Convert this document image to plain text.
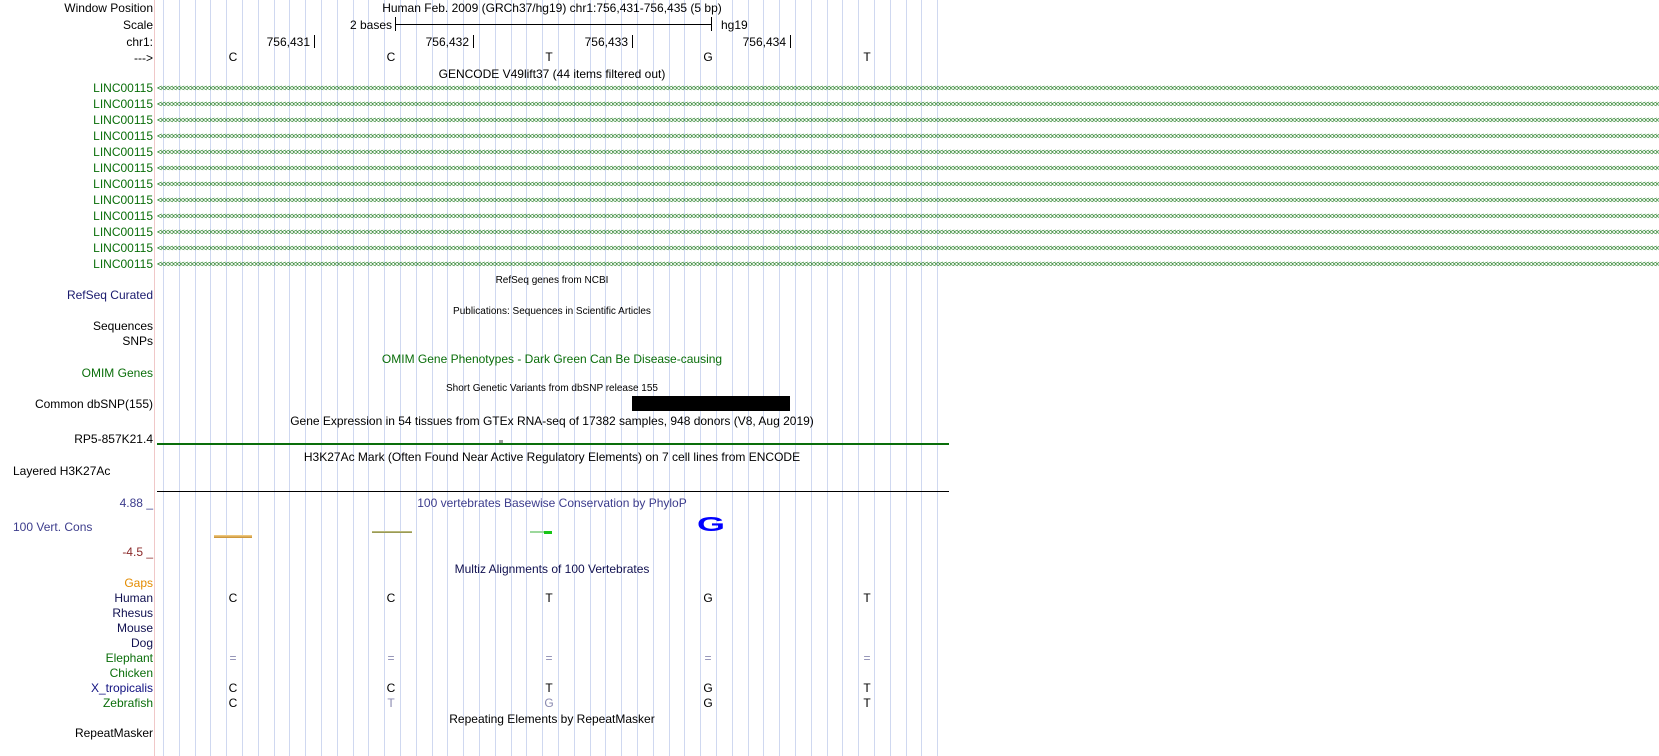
Window Position
Scale
chr1:
--->
Human Feb. 2009 (GRCh37/hg19) chr1:756,431-756,435 (5 bp)
2 bases	hg19
756,431	756,432	756,433	756,434
C	C	T	G	T
GENCODE V49lift37 (44 items filtered out)
LINC00115 <<<<<<<<<<<<<<<<<<<<<<<<<<<<<<<<<<<<<<<<<<<<<<<<<<<<<<<<<<<<<<<<<<<<<<<<<<<<<<<<<<<<<<<<<<<<<<<<<<<<<<<<<<<<<<<<<<<<<<<<<<<<<<<<<<<<<<<<<<<<<<<<<<<<<<<<<<<<<<<<<<<<<<<<<<<<<<<<<<<<<<<<<<<<<<<<<<<<<<<<<<<<<<<<<<<<<<<<<<<<<<<<<<<<<<<<<<<<<<<<<<<<<<<<<<<<<<<<<<<<<<<<<<<<<<<<<<<<<<<<<<<<<<<<<<<<<<<<<<<<<<<<<<<<<<<<<<<<<<<<<<<<<<<<<<<<<<<<<<<<<<<<<<<<<<<<<<<<<<<<<<<<<<<<<<<<<<<<<<<<<<<<<<<<<<<<<<<<<<<<
LINC00115 <<<<<<<<<<<<<<<<<<<<<<<<<<<<<<<<<<<<<<<<<<<<<<<<<<<<<<<<<<<<<<<<<<<<<<<<<<<<<<<<<<<<<<<<<<<<<<<<<<<<<<<<<<<<<<<<<<<<<<<<<<<<<<<<<<<<<<<<<<<<<<<<<<<<<<<<<<<<<<<<<<<<<<<<<<<<<<<<<<<<<<<<<<<<<<<<<<<<<<<<<<<<<<<<<<<<<<<<<<<<<<<<<<<<<<<<<<<<<<<<<<<<<<<<<<<<<<<<<<<<<<<<<<<<<<<<<<<<<<<<<<<<<<<<<<<<<<<<<<<<<<<<<<<<<<<<<<<<<<<<<<<<<<<<<<<<<<<<<<<<<<<<<<<<<<<<<<<<<<<<<<<<<<<<<<<<<<<<<<<<<<<<<<<<<<<<<<<<<<<<
LINC00115 <<<<<<<<<<<<<<<<<<<<<<<<<<<<<<<<<<<<<<<<<<<<<<<<<<<<<<<<<<<<<<<<<<<<<<<<<<<<<<<<<<<<<<<<<<<<<<<<<<<<<<<<<<<<<<<<<<<<<<<<<<<<<<<<<<<<<<<<<<<<<<<<<<<<<<<<<<<<<<<<<<<<<<<<<<<<<<<<<<<<<<<<<<<<<<<<<<<<<<<<<<<<<<<<<<<<<<<<<<<<<<<<<<<<<<<<<<<<<<<<<<<<<<<<<<<<<<<<<<<<<<<<<<<<<<<<<<<<<<<<<<<<<<<<<<<<<<<<<<<<<<<<<<<<<<<<<<<<<<<<<<<<<<<<<<<<<<<<<<<<<<<<<<<<<<<<<<<<<<<<<<<<<<<<<<<<<<<<<<<<<<<<<<<<<<<<<<<<<<<<
LINC00115 <<<<<<<<<<<<<<<<<<<<<<<<<<<<<<<<<<<<<<<<<<<<<<<<<<<<<<<<<<<<<<<<<<<<<<<<<<<<<<<<<<<<<<<<<<<<<<<<<<<<<<<<<<<<<<<<<<<<<<<<<<<<<<<<<<<<<<<<<<<<<<<<<<<<<<<<<<<<<<<<<<<<<<<<<<<<<<<<<<<<<<<<<<<<<<<<<<<<<<<<<<<<<<<<<<<<<<<<<<<<<<<<<<<<<<<<<<<<<<<<<<<<<<<<<<<<<<<<<<<<<<<<<<<<<<<<<<<<<<<<<<<<<<<<<<<<<<<<<<<<<<<<<<<<<<<<<<<<<<<<<<<<<<<<<<<<<<<<<<<<<<<<<<<<<<<<<<<<<<<<<<<<<<<<<<<<<<<<<<<<<<<<<<<<<<<<<<<<<<<<
LINC00115 <<<<<<<<<<<<<<<<<<<<<<<<<<<<<<<<<<<<<<<<<<<<<<<<<<<<<<<<<<<<<<<<<<<<<<<<<<<<<<<<<<<<<<<<<<<<<<<<<<<<<<<<<<<<<<<<<<<<<<<<<<<<<<<<<<<<<<<<<<<<<<<<<<<<<<<<<<<<<<<<<<<<<<<<<<<<<<<<<<<<<<<<<<<<<<<<<<<<<<<<<<<<<<<<<<<<<<<<<<<<<<<<<<<<<<<<<<<<<<<<<<<<<<<<<<<<<<<<<<<<<<<<<<<<<<<<<<<<<<<<<<<<<<<<<<<<<<<<<<<<<<<<<<<<<<<<<<<<<<<<<<<<<<<<<<<<<<<<<<<<<<<<<<<<<<<<<<<<<<<<<<<<<<<<<<<<<<<<<<<<<<<<<<<<<<<<<<<<<<<<
LINC00115 <<<<<<<<<<<<<<<<<<<<<<<<<<<<<<<<<<<<<<<<<<<<<<<<<<<<<<<<<<<<<<<<<<<<<<<<<<<<<<<<<<<<<<<<<<<<<<<<<<<<<<<<<<<<<<<<<<<<<<<<<<<<<<<<<<<<<<<<<<<<<<<<<<<<<<<<<<<<<<<<<<<<<<<<<<<<<<<<<<<<<<<<<<<<<<<<<<<<<<<<<<<<<<<<<<<<<<<<<<<<<<<<<<<<<<<<<<<<<<<<<<<<<<<<<<<<<<<<<<<<<<<<<<<<<<<<<<<<<<<<<<<<<<<<<<<<<<<<<<<<<<<<<<<<<<<<<<<<<<<<<<<<<<<<<<<<<<<<<<<<<<<<<<<<<<<<<<<<<<<<<<<<<<<<<<<<<<<<<<<<<<<<<<<<<<<<<<<<<<<<
LINC00115 <<<<<<<<<<<<<<<<<<<<<<<<<<<<<<<<<<<<<<<<<<<<<<<<<<<<<<<<<<<<<<<<<<<<<<<<<<<<<<<<<<<<<<<<<<<<<<<<<<<<<<<<<<<<<<<<<<<<<<<<<<<<<<<<<<<<<<<<<<<<<<<<<<<<<<<<<<<<<<<<<<<<<<<<<<<<<<<<<<<<<<<<<<<<<<<<<<<<<<<<<<<<<<<<<<<<<<<<<<<<<<<<<<<<<<<<<<<<<<<<<<<<<<<<<<<<<<<<<<<<<<<<<<<<<<<<<<<<<<<<<<<<<<<<<<<<<<<<<<<<<<<<<<<<<<<<<<<<<<<<<<<<<<<<<<<<<<<<<<<<<<<<<<<<<<<<<<<<<<<<<<<<<<<<<<<<<<<<<<<<<<<<<<<<<<<<<<<<<<<<
LINC00115 <<<<<<<<<<<<<<<<<<<<<<<<<<<<<<<<<<<<<<<<<<<<<<<<<<<<<<<<<<<<<<<<<<<<<<<<<<<<<<<<<<<<<<<<<<<<<<<<<<<<<<<<<<<<<<<<<<<<<<<<<<<<<<<<<<<<<<<<<<<<<<<<<<<<<<<<<<<<<<<<<<<<<<<<<<<<<<<<<<<<<<<<<<<<<<<<<<<<<<<<<<<<<<<<<<<<<<<<<<<<<<<<<<<<<<<<<<<<<<<<<<<<<<<<<<<<<<<<<<<<<<<<<<<<<<<<<<<<<<<<<<<<<<<<<<<<<<<<<<<<<<<<<<<<<<<<<<<<<<<<<<<<<<<<<<<<<<<<<<<<<<<<<<<<<<<<<<<<<<<<<<<<<<<<<<<<<<<<<<<<<<<<<<<<<<<<<<<<<<<<
LINC00115 <<<<<<<<<<<<<<<<<<<<<<<<<<<<<<<<<<<<<<<<<<<<<<<<<<<<<<<<<<<<<<<<<<<<<<<<<<<<<<<<<<<<<<<<<<<<<<<<<<<<<<<<<<<<<<<<<<<<<<<<<<<<<<<<<<<<<<<<<<<<<<<<<<<<<<<<<<<<<<<<<<<<<<<<<<<<<<<<<<<<<<<<<<<<<<<<<<<<<<<<<<<<<<<<<<<<<<<<<<<<<<<<<<<<<<<<<<<<<<<<<<<<<<<<<<<<<<<<<<<<<<<<<<<<<<<<<<<<<<<<<<<<<<<<<<<<<<<<<<<<<<<<<<<<<<<<<<<<<<<<<<<<<<<<<<<<<<<<<<<<<<<<<<<<<<<<<<<<<<<<<<<<<<<<<<<<<<<<<<<<<<<<<<<<<<<<<<<<<<<<
LINC00115 <<<<<<<<<<<<<<<<<<<<<<<<<<<<<<<<<<<<<<<<<<<<<<<<<<<<<<<<<<<<<<<<<<<<<<<<<<<<<<<<<<<<<<<<<<<<<<<<<<<<<<<<<<<<<<<<<<<<<<<<<<<<<<<<<<<<<<<<<<<<<<<<<<<<<<<<<<<<<<<<<<<<<<<<<<<<<<<<<<<<<<<<<<<<<<<<<<<<<<<<<<<<<<<<<<<<<<<<<<<<<<<<<<<<<<<<<<<<<<<<<<<<<<<<<<<<<<<<<<<<<<<<<<<<<<<<<<<<<<<<<<<<<<<<<<<<<<<<<<<<<<<<<<<<<<<<<<<<<<<<<<<<<<<<<<<<<<<<<<<<<<<<<<<<<<<<<<<<<<<<<<<<<<<<<<<<<<<<<<<<<<<<<<<<<<<<<<<<<<<<
LINC00115 <<<<<<<<<<<<<<<<<<<<<<<<<<<<<<<<<<<<<<<<<<<<<<<<<<<<<<<<<<<<<<<<<<<<<<<<<<<<<<<<<<<<<<<<<<<<<<<<<<<<<<<<<<<<<<<<<<<<<<<<<<<<<<<<<<<<<<<<<<<<<<<<<<<<<<<<<<<<<<<<<<<<<<<<<<<<<<<<<<<<<<<<<<<<<<<<<<<<<<<<<<<<<<<<<<<<<<<<<<<<<<<<<<<<<<<<<<<<<<<<<<<<<<<<<<<<<<<<<<<<<<<<<<<<<<<<<<<<<<<<<<<<<<<<<<<<<<<<<<<<<<<<<<<<<<<<<<<<<<<<<<<<<<<<<<<<<<<<<<<<<<<<<<<<<<<<<<<<<<<<<<<<<<<<<<<<<<<<<<<<<<<<<<<<<<<<<<<<<<<<
LINC00115 <<<<<<<<<<<<<<<<<<<<<<<<<<<<<<<<<<<<<<<<<<<<<<<<<<<<<<<<<<<<<<<<<<<<<<<<<<<<<<<<<<<<<<<<<<<<<<<<<<<<<<<<<<<<<<<<<<<<<<<<<<<<<<<<<<<<<<<<<<<<<<<<<<<<<<<<<<<<<<<<<<<<<<<<<<<<<<<<<<<<<<<<<<<<<<<<<<<<<<<<<<<<<<<<<<<<<<<<<<<<<<<<<<<<<<<<<<<<<<<<<<<<<<<<<<<<<<<<<<<<<<<<<<<<<<<<<<<<<<<<<<<<<<<<<<<<<<<<<<<<<<<<<<<<<<<<<<<<<<<<<<<<<<<<<<<<<<<<<<<<<<<<<<<<<<<<<<<<<<<<<<<<<<<<<<<<<<<<<<<<<<<<<<<<<<<<<<<<<<<<
RefSeq genes from NCBI
RefSeq Curated
Publications: Sequences in Scientific Articles
Sequences
SNPs
OMIM Gene Phenotypes - Dark Green Can Be Disease-causing
OMIM Genes
Short Genetic Variants from dbSNP release 155
Common dbSNP(155)
Gene Expression in 54 tissues from GTEx RNA-seq of 17382 samples, 948 donors (V8, Aug 2019)
RP5-857K21.4
H3K27Ac Mark (Often Found Near Active Regulatory Elements) on 7 cell lines from ENCODE
Layered H3K27Ac
100 vertebrates Basewise Conservation by PhyloP
4.88 _
100 Vert. Cons
-4.5 _
G
Multiz Alignments of 100 Vertebrates
Gaps
Human	C	C	T	G	T
Rhesus
Mouse
Dog
Elephant	=	=	=	=	=
Chicken
X_tropicalis	C	C	T	G	T
Zebrafish	C	T	G	G	T
Repeating Elements by RepeatMasker
RepeatMasker
